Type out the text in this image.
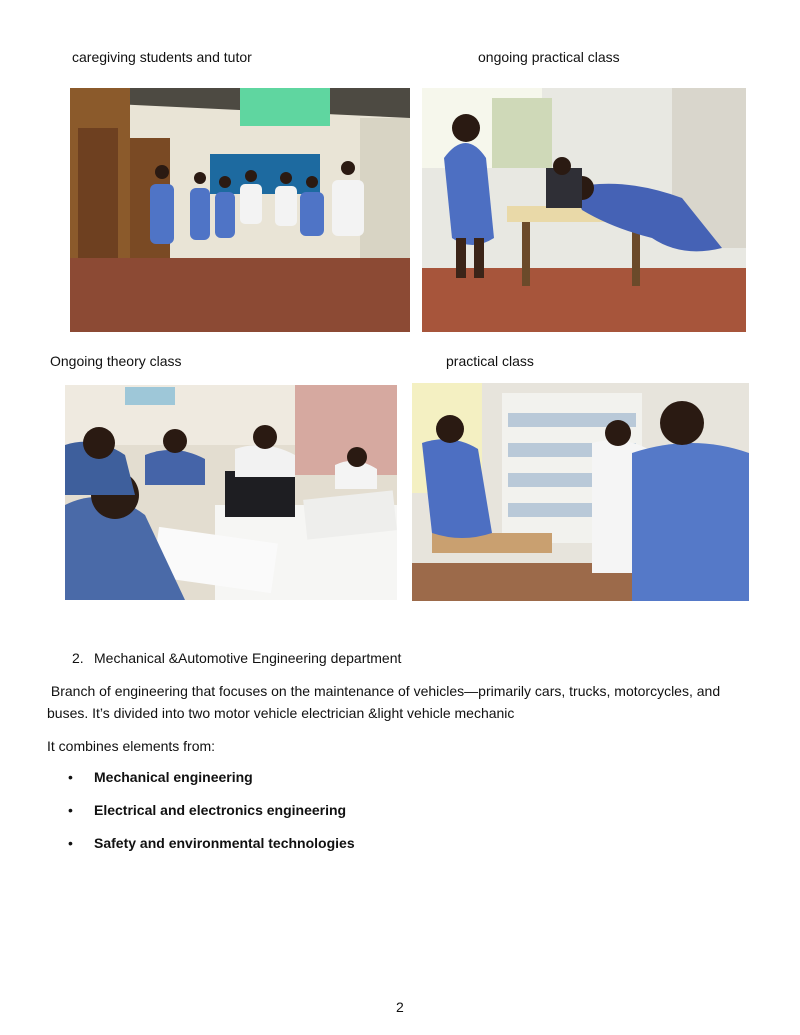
caregiving students and tutor	ongoing practical class
Ongoing theory class	practical class
2. Mechanical &Automotive Engineering department
Branch of engineering that focuses on the maintenance of vehicles—primarily cars, trucks, motorcycles, and
buses. It’s divided into two motor vehicle electrician &light vehicle mechanic
It combines elements from:
•	Mechanical engineering
•	Electrical and electronics engineering
•	Safety and environmental technologies
2
